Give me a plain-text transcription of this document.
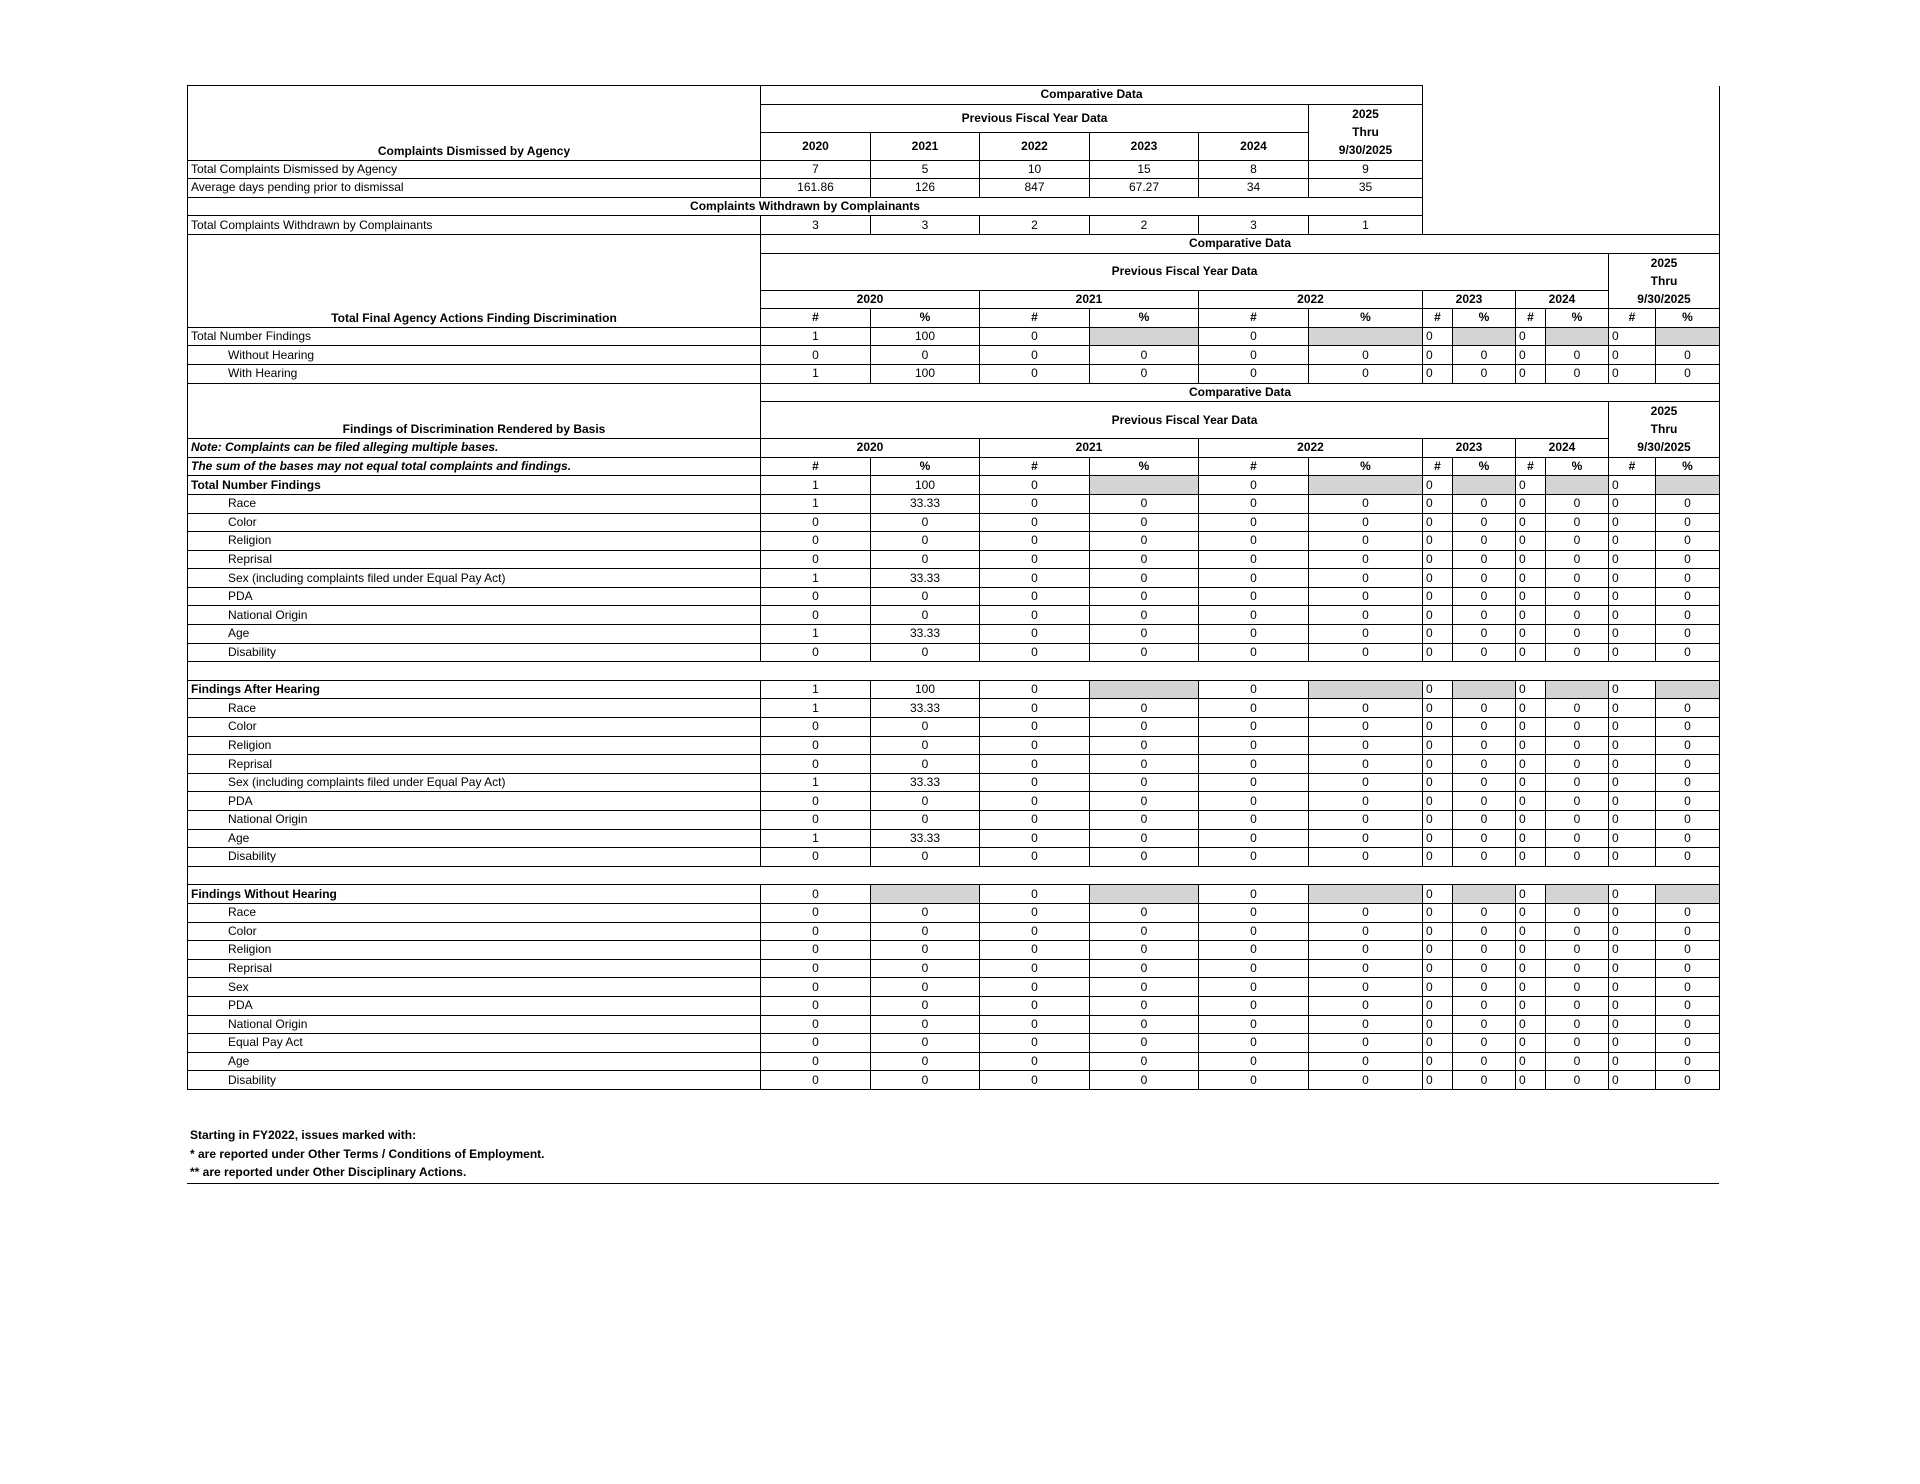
Complaints Dismissed by Agency	Comparative Data											
	Previous Fiscal Year Data					2025
Thru
9/30/2025						

	2020	2021	2022	2023	2024							
Total Complaints Dismissed by Agency	7	5	10	15	8	9						
Average days pending prior to dismissal	161.86	126	847	67.27	34	35						
Complaints Withdrawn by Complainants												
Total Complaints Withdrawn by Complainants	3	3	2	2	3	1						
Total Final Agency Actions Finding Discrimination	Comparative Data											
	Previous Fiscal Year Data										2025
Thru
9/30/2025	

	2020		2021		2022		2023		2024			
	#	%	#	%	#	%	#	%	#	%	#	%
Total Number Findings	1	100	0		0		0		0		0	
Without Hearing	0	0	0	0	0	0	0	0	0	0	0	0
With Hearing	1	100	0	0	0	0	0	0	0	0	0	0
Findings of Discrimination Rendered by Basis	Comparative Data											
	Previous Fiscal Year Data										2025
Thru
9/30/2025	

Note: Complaints can be filed alleging multiple bases.	2020		2021		2022		2023		2024			
The sum of the bases may not equal total complaints and findings.	#	%	#	%	#	%	#	%	#	%	#	%
Total Number Findings	1	100	0		0		0		0		0	
Race	1	33.33	0	0	0	0	0	0	0	0	0	0
Color	0	0	0	0	0	0	0	0	0	0	0	0
Religion	0	0	0	0	0	0	0	0	0	0	0	0
Reprisal	0	0	0	0	0	0	0	0	0	0	0	0
Sex (including complaints filed under Equal Pay Act)	1	33.33	0	0	0	0	0	0	0	0	0	0
PDA	0	0	0	0	0	0	0	0	0	0	0	0
National Origin	0	0	0	0	0	0	0	0	0	0	0	0
Age	1	33.33	0	0	0	0	0	0	0	0	0	0
Disability	0	0	0	0	0	0	0	0	0	0	0	0

Findings After Hearing	1	100	0		0		0		0		0	
Race	1	33.33	0	0	0	0	0	0	0	0	0	0
Color	0	0	0	0	0	0	0	0	0	0	0	0
Religion	0	0	0	0	0	0	0	0	0	0	0	0
Reprisal	0	0	0	0	0	0	0	0	0	0	0	0
Sex (including complaints filed under Equal Pay Act)	1	33.33	0	0	0	0	0	0	0	0	0	0
PDA	0	0	0	0	0	0	0	0	0	0	0	0
National Origin	0	0	0	0	0	0	0	0	0	0	0	0
Age	1	33.33	0	0	0	0	0	0	0	0	0	0
Disability	0	0	0	0	0	0	0	0	0	0	0	0

Findings Without Hearing	0		0		0		0		0		0	
Race	0	0	0	0	0	0	0	0	0	0	0	0
Color	0	0	0	0	0	0	0	0	0	0	0	0
Religion	0	0	0	0	0	0	0	0	0	0	0	0
Reprisal	0	0	0	0	0	0	0	0	0	0	0	0
Sex	0	0	0	0	0	0	0	0	0	0	0	0
PDA	0	0	0	0	0	0	0	0	0	0	0	0
National Origin	0	0	0	0	0	0	0	0	0	0	0	0
Equal Pay Act	0	0	0	0	0	0	0	0	0	0	0	0
Age	0	0	0	0	0	0	0	0	0	0	0	0
Disability	0	0	0	0	0	0	0	0	0	0	0	0
Starting in FY2022, issues marked with:
* are reported under Other Terms / Conditions of Employment.
** are reported under Other Disciplinary Actions.
